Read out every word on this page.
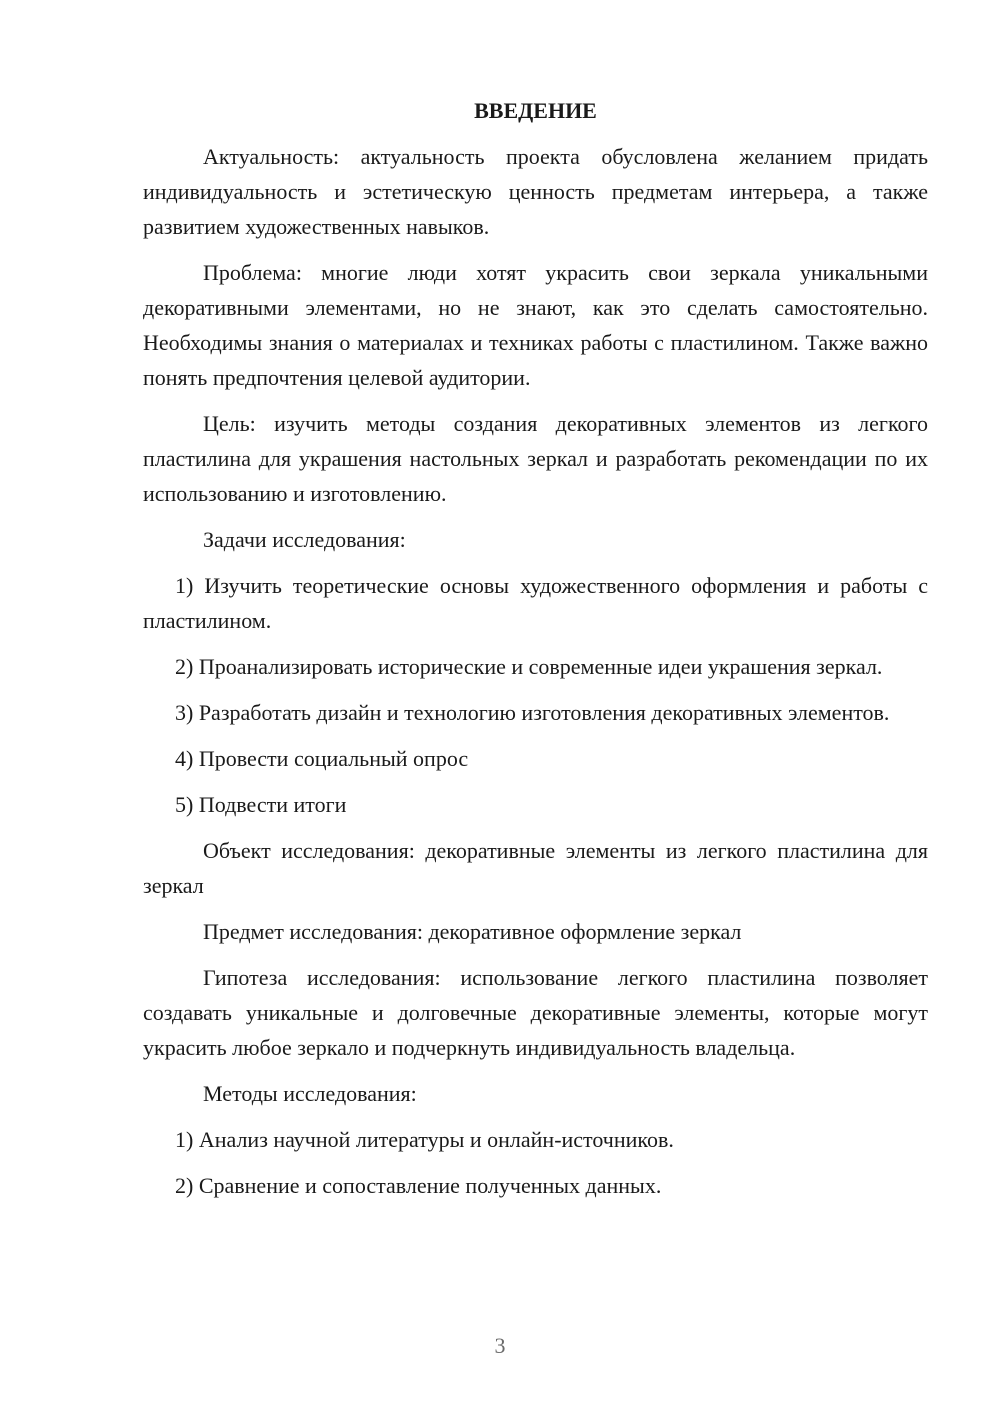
ВВЕДЕНИЕ

Актуальность: актуальность проекта обусловлена желанием придать индивидуальность и эстетическую ценность предметам интерьера, а также развитием художественных навыков.

Проблема: многие люди хотят украсить свои зеркала уникальными декоративными элементами, но не знают, как это сделать самостоятельно. Необходимы знания о материалах и техниках работы с пластилином. Также важно понять предпочтения целевой аудитории.

Цель: изучить методы создания декоративных элементов из легкого пластилина для украшения настольных зеркал и разработать рекомендации по их использованию и изготовлению.

Задачи исследования:

1) Изучить теоретические основы художественного оформления и работы с пластилином.

2) Проанализировать исторические и современные идеи украшения зеркал.

3) Разработать дизайн и технологию изготовления декоративных элементов.

4) Провести социальный опрос

5) Подвести итоги

Объект исследования: декоративные элементы из легкого пластилина для зеркал

Предмет исследования: декоративное оформление зеркал

Гипотеза исследования: использование легкого пластилина позволяет создавать уникальные и долговечные декоративные элементы, которые могут украсить любое зеркало и подчеркнуть индивидуальность владельца.

Методы исследования:

1) Анализ научной литературы и онлайн-источников.

2) Сравнение и сопоставление полученных данных.

3
